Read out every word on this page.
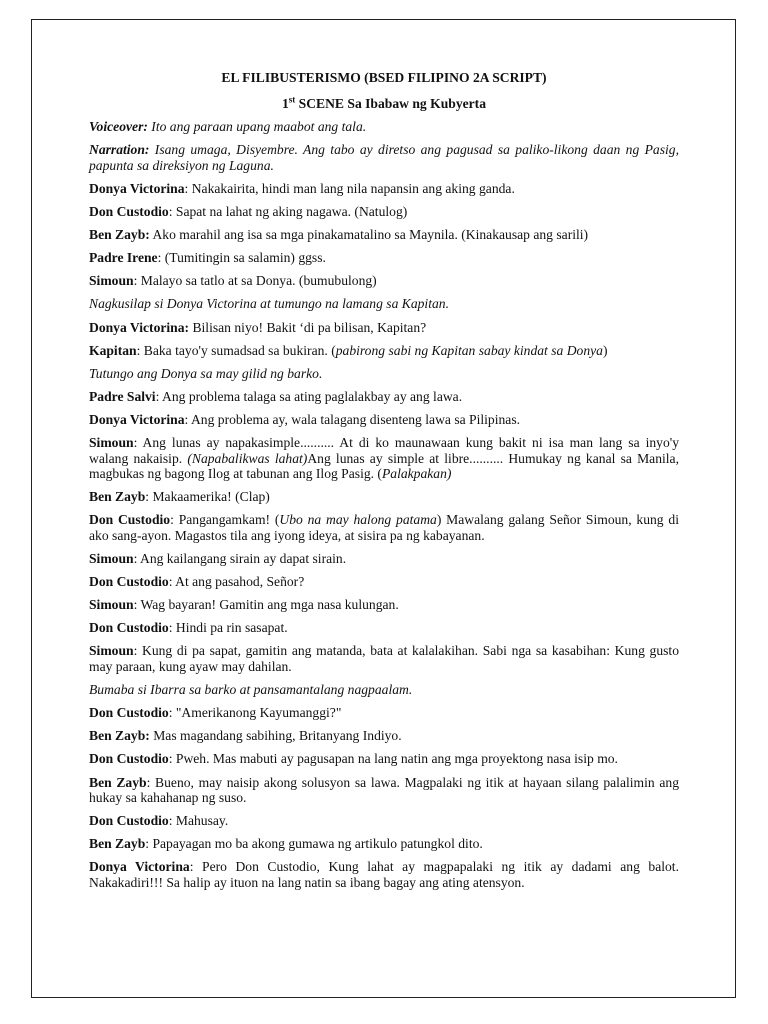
EL FILIBUSTERISMO (BSED FILIPINO 2A SCRIPT)
1st SCENE Sa Ibabaw ng Kubyerta
Voiceover: Ito ang paraan upang maabot ang tala.
Narration: Isang umaga, Disyembre. Ang tabo ay diretso ang pagusad sa paliko-likong daan ng Pasig, papunta sa direksiyon ng Laguna.
Donya Victorina: Nakakairita, hindi man lang nila napansin ang aking ganda.
Don Custodio: Sapat na lahat ng aking nagawa. (Natulog)
Ben Zayb: Ako marahil ang isa sa mga pinakamatalino sa Maynila. (Kinakausap ang sarili)
Padre Irene: (Tumitingin sa salamin) ggss.
Simoun: Malayo sa tatlo at sa Donya. (bumubulong)
Nagkusilap si Donya Victorina at tumungo na lamang sa Kapitan.
Donya Victorina: Bilisan niyo! Bakit ‘di pa bilisan, Kapitan?
Kapitan: Baka tayo'y sumadsad sa bukiran. (pabirong sabi ng Kapitan sabay kindat sa Donya)
Tutungo ang Donya sa may gilid ng barko.
Padre Salvi: Ang problema talaga sa ating paglalakbay ay ang lawa.
Donya Victorina: Ang problema ay, wala talagang disenteng lawa sa Pilipinas.
Simoun: Ang lunas ay napakasimple.......... At di ko maunawaan kung bakit ni isa man lang sa inyo'y walang nakaisip. (Napabalikwas lahat)Ang lunas ay simple at libre.......... Humukay ng kanal sa Manila, magbukas ng bagong Ilog at tabunan ang Ilog Pasig. (Palakpakan)
Ben Zayb: Makaamerika! (Clap)
Don Custodio: Pangangamkam! (Ubo na may halong patama) Mawalang galang Señor Simoun, kung di ako sang-ayon. Magastos tila ang iyong ideya, at sisira pa ng kabayanan.
Simoun: Ang kailangang sirain ay dapat sirain.
Don Custodio: At ang pasahod, Señor?
Simoun: Wag bayaran! Gamitin ang mga nasa kulungan.
Don Custodio: Hindi pa rin sasapat.
Simoun: Kung di pa sapat, gamitin ang matanda, bata at kalalakihan. Sabi nga sa kasabihan: Kung gusto may paraan, kung ayaw may dahilan.
Bumaba si Ibarra sa barko at pansamantalang nagpaalam.
Don Custodio: "Amerikanong Kayumanggi?"
Ben Zayb: Mas magandang sabihing, Britanyang Indiyo.
Don Custodio: Pweh. Mas mabuti ay pagusapan na lang natin ang mga proyektong nasa isip mo.
Ben Zayb: Bueno, may naisip akong solusyon sa lawa. Magpalaki ng itik at hayaan silang palalimin ang hukay sa kahahanap ng suso.
Don Custodio: Mahusay.
Ben Zayb: Papayagan mo ba akong gumawa ng artikulo patungkol dito.
Donya Victorina: Pero Don Custodio, Kung lahat ay magpapalaki ng itik ay dadami ang balot. Nakakadiri!!! Sa halip ay ituon na lang natin sa ibang bagay ang ating atensyon.
